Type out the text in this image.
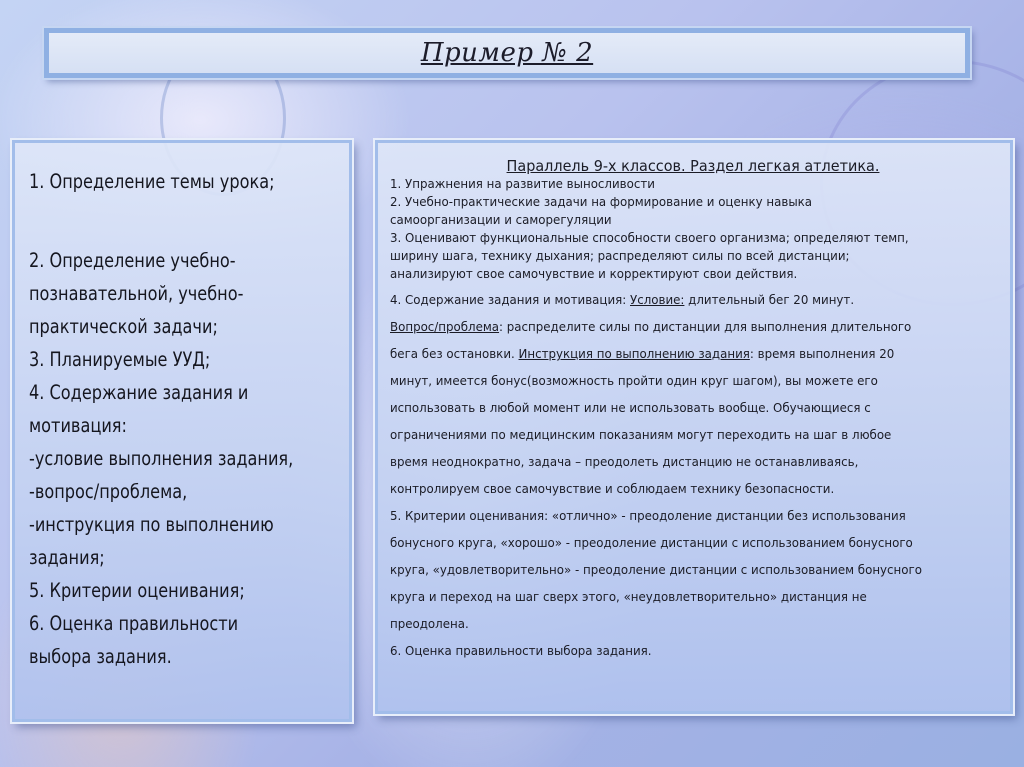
Пример № 2
1. Определение темы урока;
2. Определение учебно-
познавательной, учебно-
практической задачи;
3. Планируемые УУД;
4. Содержание задания и
мотивация:
-условие выполнения задания,
-вопрос/проблема,
-инструкция по выполнению
задания;
5. Критерии оценивания;
6. Оценка правильности
выбора задания.
Параллель 9-х классов. Раздел легкая атлетика.
1. Упражнения на развитие выносливости
2. Учебно-практические задачи на формирование и оценку навыка
самоорганизации и саморегуляции
3. Оценивают функциональные способности своего организма; определяют темп,
ширину шага, технику дыхания; распределяют силы по всей дистанции;
анализируют свое самочувствие и корректируют свои действия.
4. Содержание задания и мотивация: Условие: длительный бег 20 минут.
Вопрос/проблема: распределите силы по дистанции для выполнения длительного
бега без остановки. Инструкция по выполнению задания: время выполнения 20
минут, имеется бонус(возможность пройти один круг шагом), вы можете его
использовать в любой момент или не использовать вообще. Обучающиеся с
ограничениями по медицинским показаниям могут переходить на шаг в любое
время неоднократно, задача – преодолеть дистанцию не останавливаясь,
контролируем свое самочувствие и соблюдаем технику безопасности.
5. Критерии оценивания: «отлично» - преодоление дистанции без использования
бонусного круга, «хорошо» - преодоление дистанции с использованием бонусного
круга, «удовлетворительно» - преодоление дистанции с использованием бонусного
круга и переход на шаг сверх этого, «неудовлетворительно» дистанция не
преодолена.
6. Оценка правильности выбора задания.
